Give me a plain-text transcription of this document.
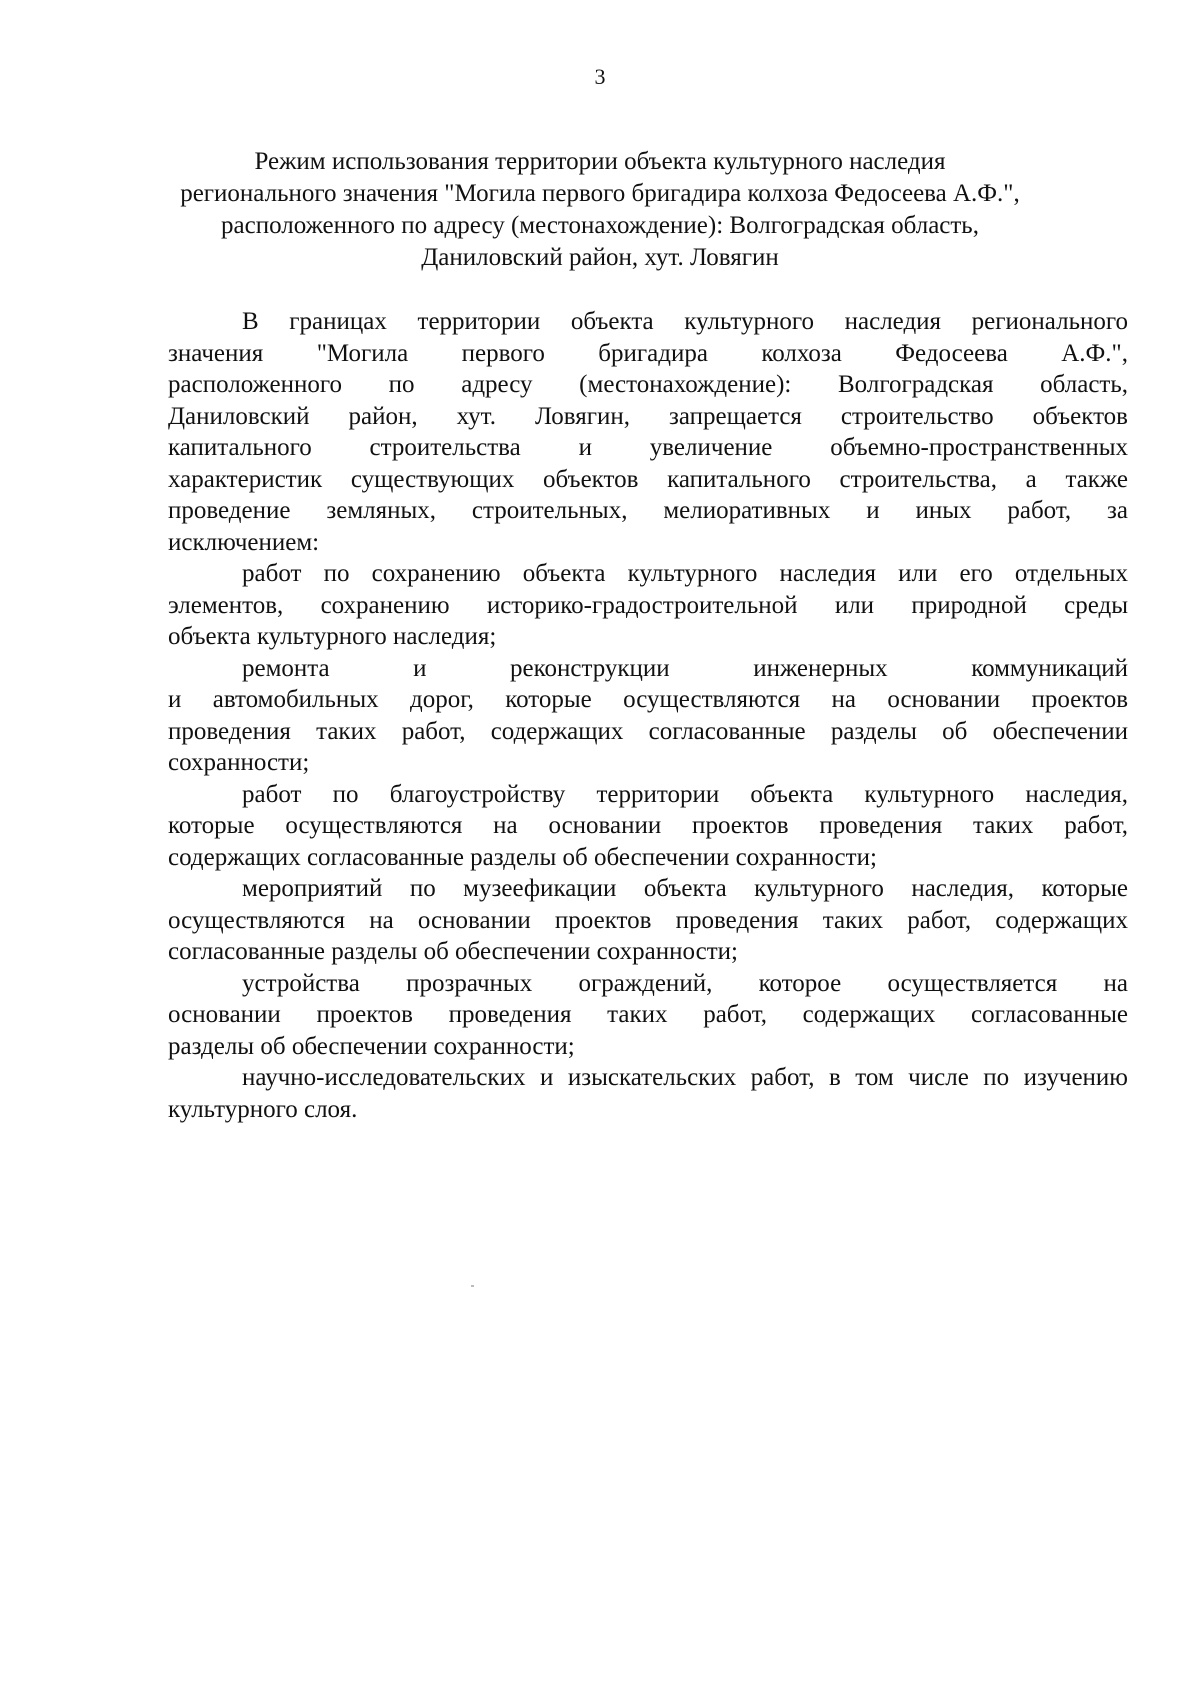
3
Режим использования территории объекта культурного наследия
регионального значения "Могила первого бригадира колхоза Федосеева А.Ф.",
расположенного по адресу (местонахождение): Волгоградская область,
Даниловский район, хут. Ловягин
В границах территории объекта культурного наследия регионального
значения "Могила первого бригадира колхоза Федосеева А.Ф.",
расположенного по адресу (местонахождение): Волгоградская область,
Даниловский район, хут. Ловягин, запрещается строительство объектов
капитального строительства и увеличение объемно-пространственных
характеристик существующих объектов капитального строительства, а также
проведение земляных, строительных, мелиоративных и иных работ, за
исключением:
работ по сохранению объекта культурного наследия или его отдельных
элементов, сохранению историко-градостроительной или природной среды
объекта культурного наследия;
ремонта и реконструкции инженерных коммуникаций
и автомобильных дорог, которые осуществляются на основании проектов
проведения таких работ, содержащих согласованные разделы об обеспечении
сохранности;
работ по благоустройству территории объекта культурного наследия,
которые осуществляются на основании проектов проведения таких работ,
содержащих согласованные разделы об обеспечении сохранности;
мероприятий по музеефикации объекта культурного наследия, которые
осуществляются на основании проектов проведения таких работ, содержащих
согласованные разделы об обеспечении сохранности;
устройства прозрачных ограждений, которое осуществляется на
основании проектов проведения таких работ, содержащих согласованные
разделы об обеспечении сохранности;
научно-исследовательских и изыскательских работ, в том числе по изучению
культурного слоя.
